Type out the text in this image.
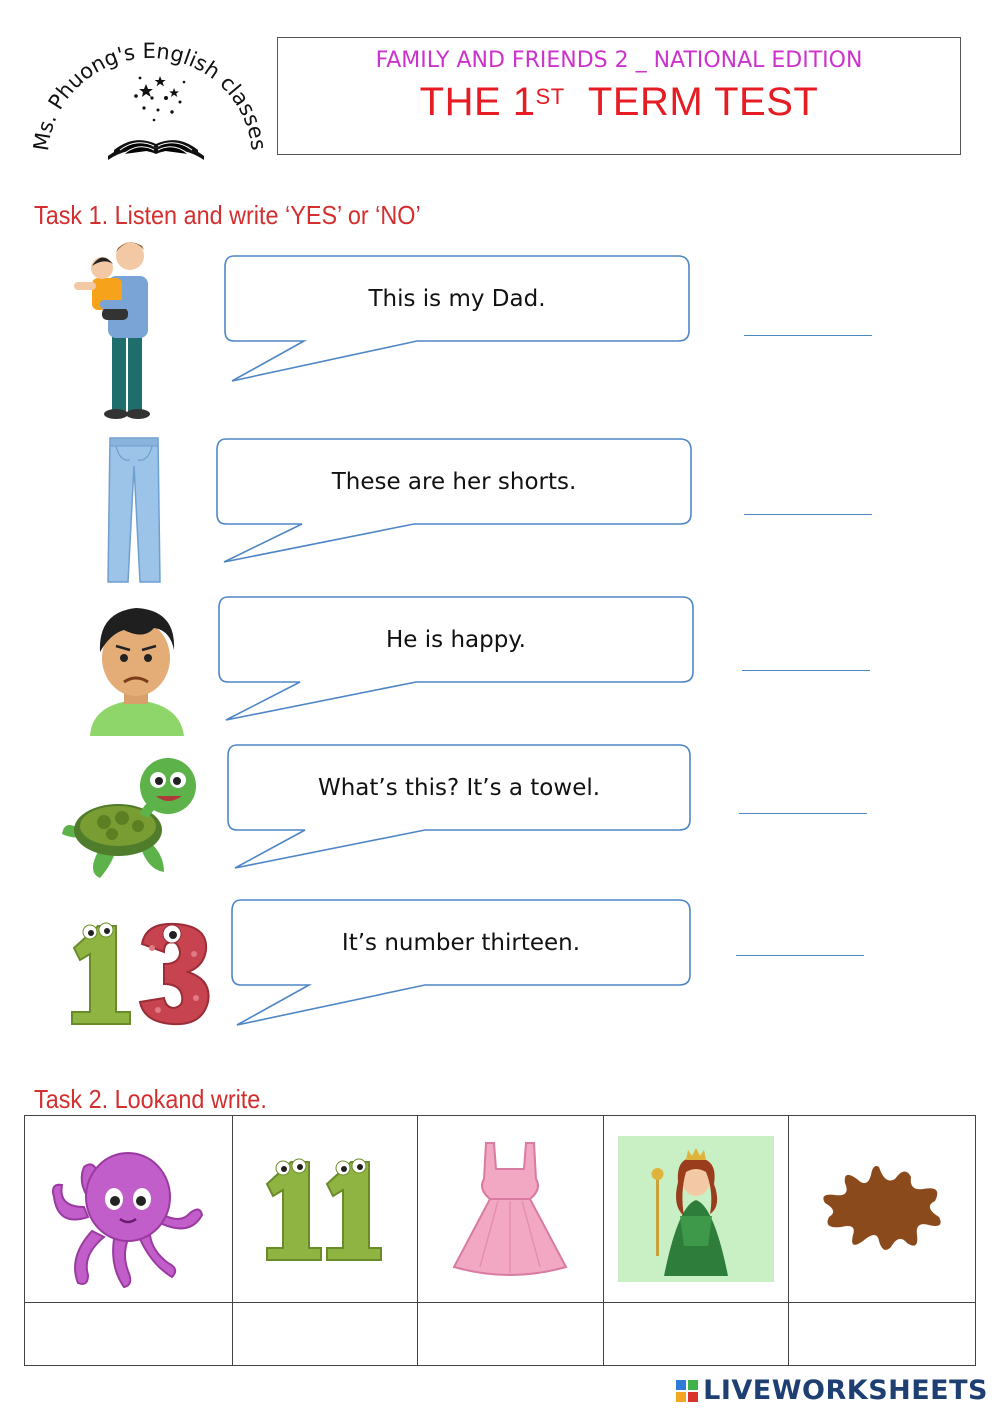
Ms. Phuong's English classe
FAMILY AND FRIENDS 2 _ NATIONAL EDITION
THE 1ST TERM TEST
Task 1. Listen and write ‘YES’ or ‘NO’
This is my Dad.
These are her shorts.
He is happy.
What’s this? It’s a towel.
It’s number thirteen.
Task 2. Lookand write.

LIVEWORKSHEETS
